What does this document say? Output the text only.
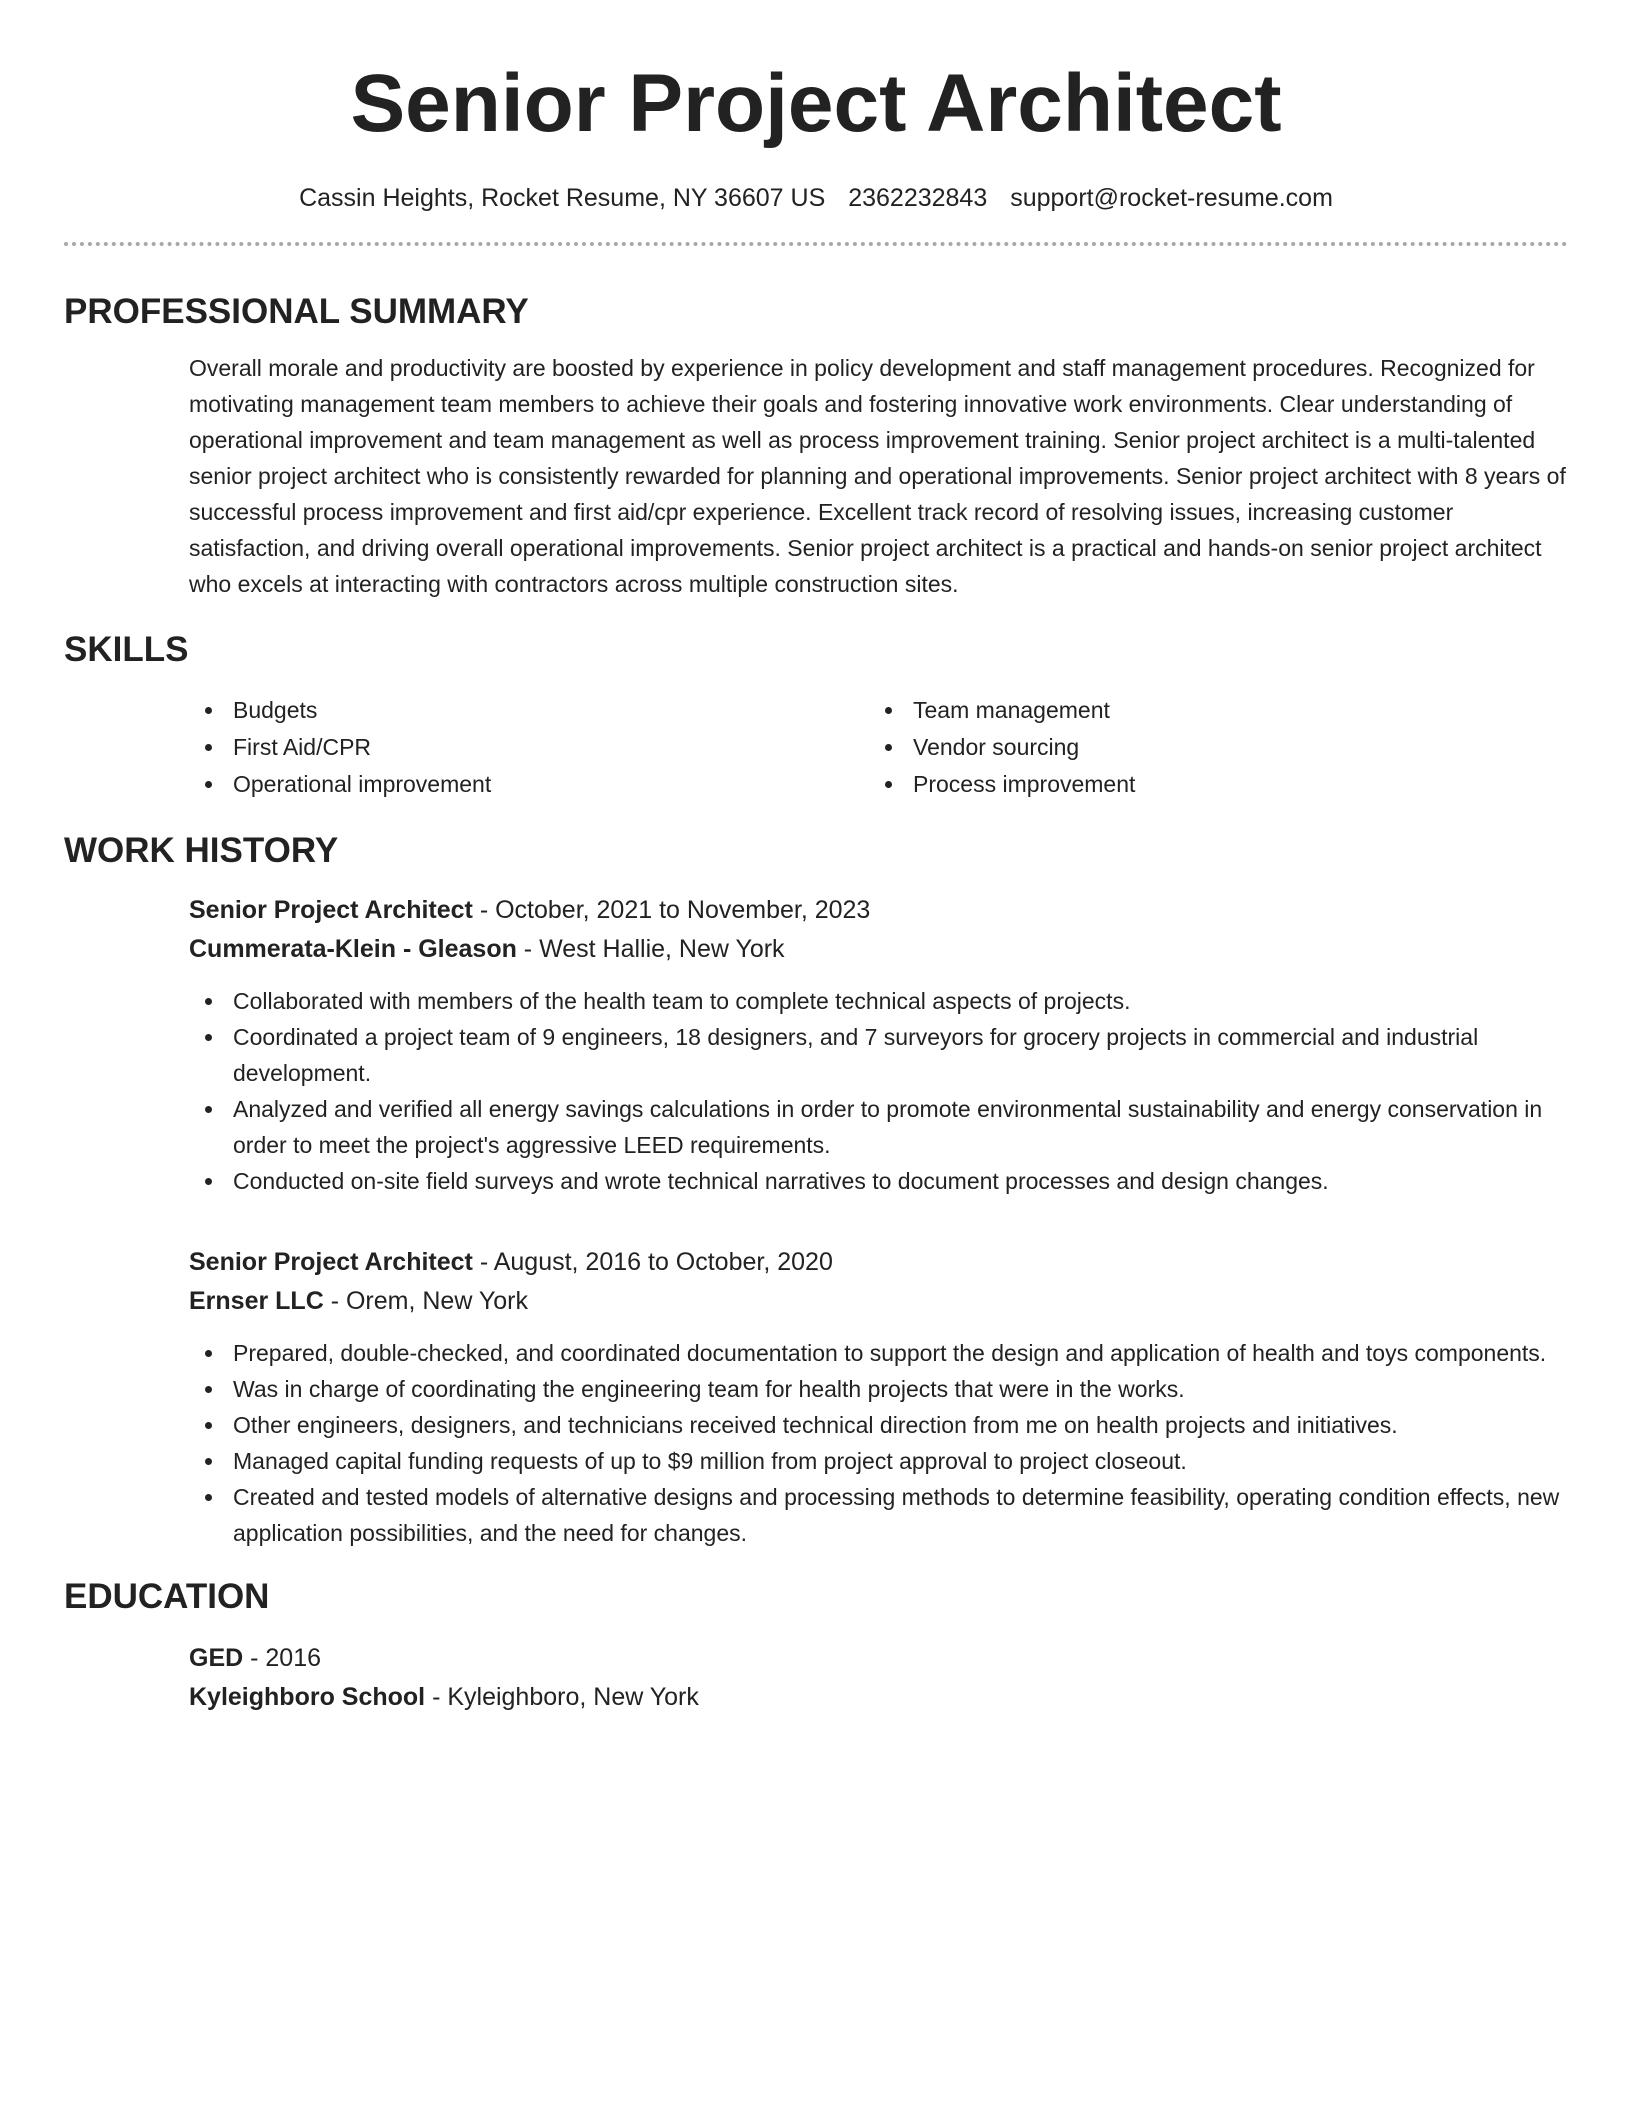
Senior Project Architect
Cassin Heights, Rocket Resume, NY 36607 US 2362232843 support@rocket-resume.com
PROFESSIONAL SUMMARY
Overall morale and productivity are boosted by experience in policy development and staff management procedures. Recognized for motivating management team members to achieve their goals and fostering innovative work environments. Clear understanding of operational improvement and team management as well as process improvement training. Senior project architect is a multi-talented senior project architect who is consistently rewarded for planning and operational improvements. Senior project architect with 8 years of successful process improvement and first aid/cpr experience. Excellent track record of resolving issues, increasing customer satisfaction, and driving overall operational improvements. Senior project architect is a practical and hands-on senior project architect who excels at interacting with contractors across multiple construction sites.
SKILLS
Budgets
First Aid/CPR
Operational improvement
Team management
Vendor sourcing
Process improvement
WORK HISTORY
Senior Project Architect - October, 2021 to November, 2023
Cummerata-Klein - Gleason - West Hallie, New York
Collaborated with members of the health team to complete technical aspects of projects.
Coordinated a project team of 9 engineers, 18 designers, and 7 surveyors for grocery projects in commercial and industrial development.
Analyzed and verified all energy savings calculations in order to promote environmental sustainability and energy conservation in order to meet the project's aggressive LEED requirements.
Conducted on-site field surveys and wrote technical narratives to document processes and design changes.
Senior Project Architect - August, 2016 to October, 2020
Ernser LLC - Orem, New York
Prepared, double-checked, and coordinated documentation to support the design and application of health and toys components.
Was in charge of coordinating the engineering team for health projects that were in the works.
Other engineers, designers, and technicians received technical direction from me on health projects and initiatives.
Managed capital funding requests of up to $9 million from project approval to project closeout.
Created and tested models of alternative designs and processing methods to determine feasibility, operating condition effects, new application possibilities, and the need for changes.
EDUCATION
GED - 2016
Kyleighboro School - Kyleighboro, New York
